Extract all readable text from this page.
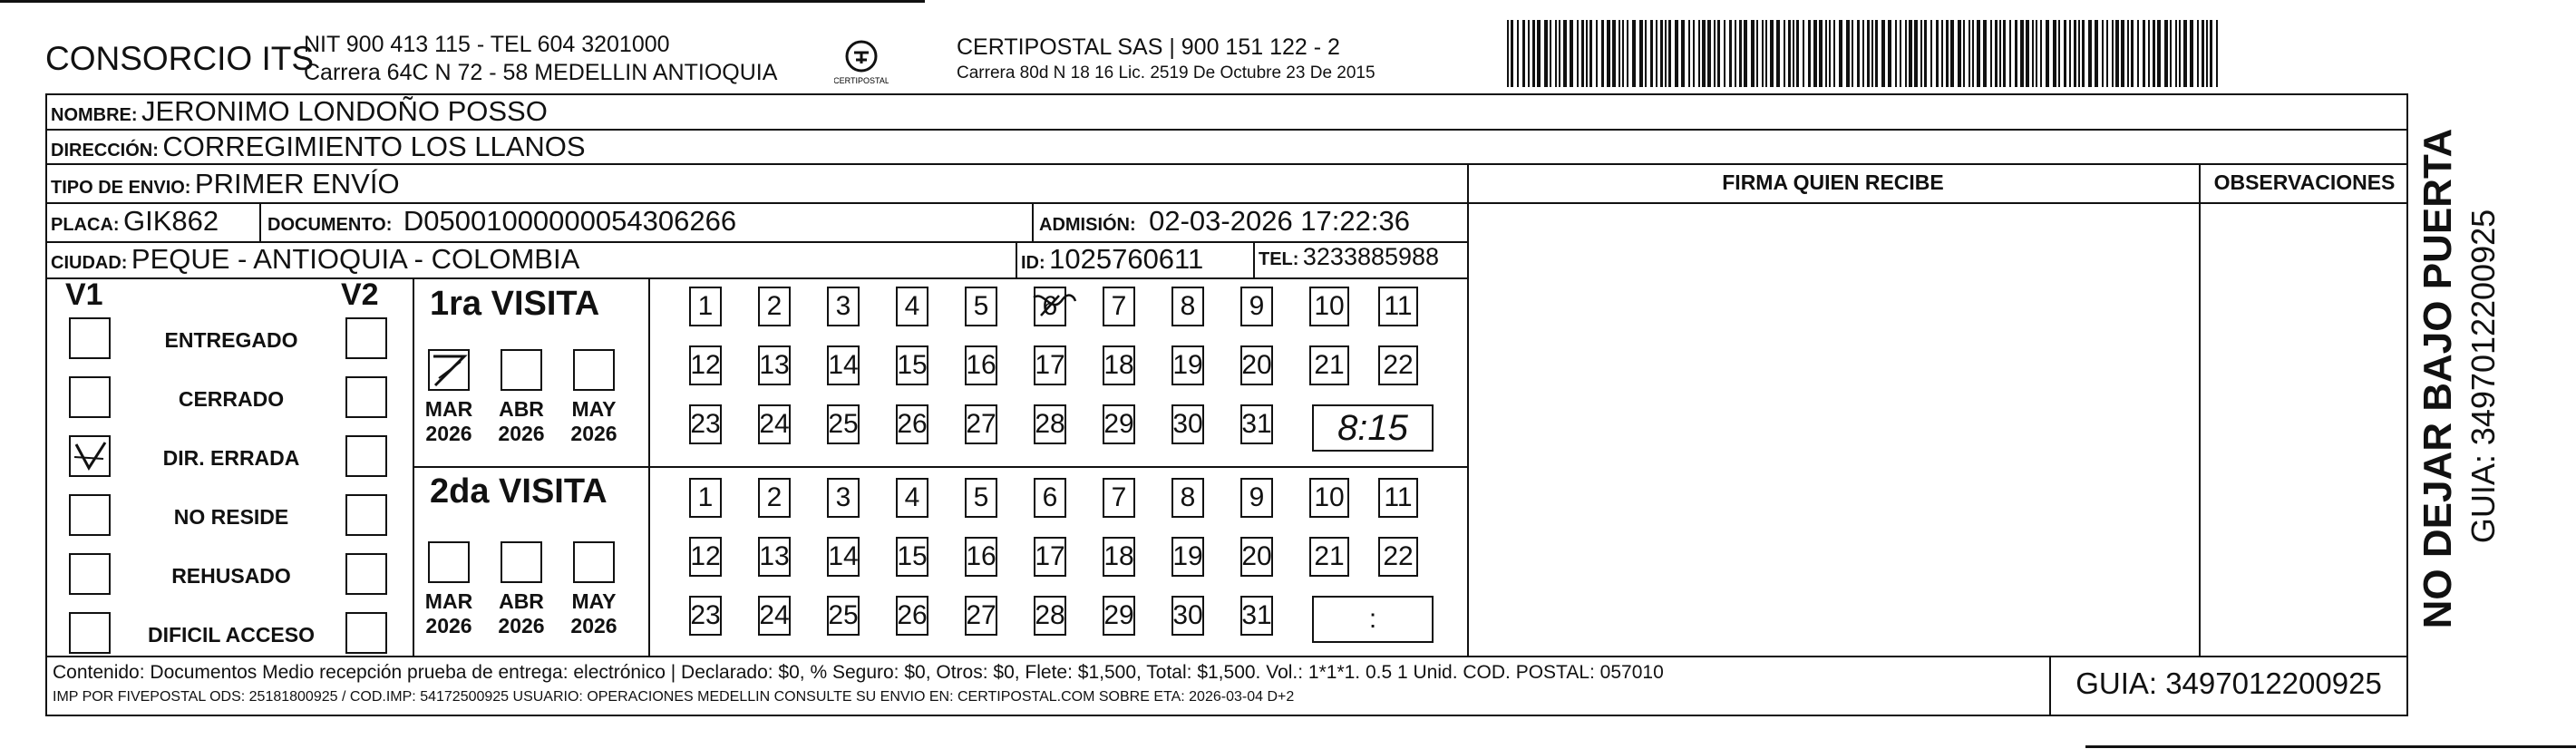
CONSORCIO ITS
NIT 900 413 115 - TEL 604 3201000
Carrera 64C N 72 - 58 MEDELLIN ANTIOQUIA	CERTIPOSTAL
CERTIPOSTAL SAS | 900 151 122 - 2
Carrera 80d N 18 16 Lic. 2519 De Octubre 23 De 2015
NOMBRE: JERONIMO LONDOÑO POSSO
DIRECCIÓN: CORREGIMIENTO LOS LLANOS
TIPO DE ENVIO: PRIMER ENVÍO
PLACA: GIK862	DOCUMENTO: D05001000000054306266	ADMISIÓN: 02-03-2026 17:22:36
CIUDAD: PEQUE - ANTIOQUIA - COLOMBIA	ID: 1025760611	TEL: 3233885988
FIRMA QUIEN RECIBE	OBSERVACIONES
V1	V2
ENTREGADO
CERRADO
DIR. ERRADA
NO RESIDE
REHUSADO
DIFICIL ACCESO
1ra VISITA
2da VISITA
MAR
2026
ABR
2026
MAY
2026
MAR
2026
ABR
2026
MAY
2026
1 2 3 4 5 6 7 8 9 10 11
12 13 14 15 16 17 18 19 20 21 22
23 24 25 26 27 28 29 30 31 8:15
1 2 3 4 5 6 7 8 9 10 11
12 13 14 15 16 17 18 19 20 21 22
23 24 25 26 27 28 29 30 31	:
Contenido: Documentos Medio recepción prueba de entrega: electrónico | Declarado: $0, % Seguro: $0, Otros: $0, Flete: $1,500, Total: $1,500. Vol.: 1*1*1. 0.5 1 Unid. COD. POSTAL: 057010
IMP POR FIVEPOSTAL ODS: 25181800925 / COD.IMP: 54172500925 USUARIO: OPERACIONES MEDELLIN CONSULTE SU ENVIO EN: CERTIPOSTAL.COM SOBRE ETA: 2026-03-04 D+2	GUIA: 3497012200925
NO DEJAR BAJO PUERTA GUIA: 3497012200925
